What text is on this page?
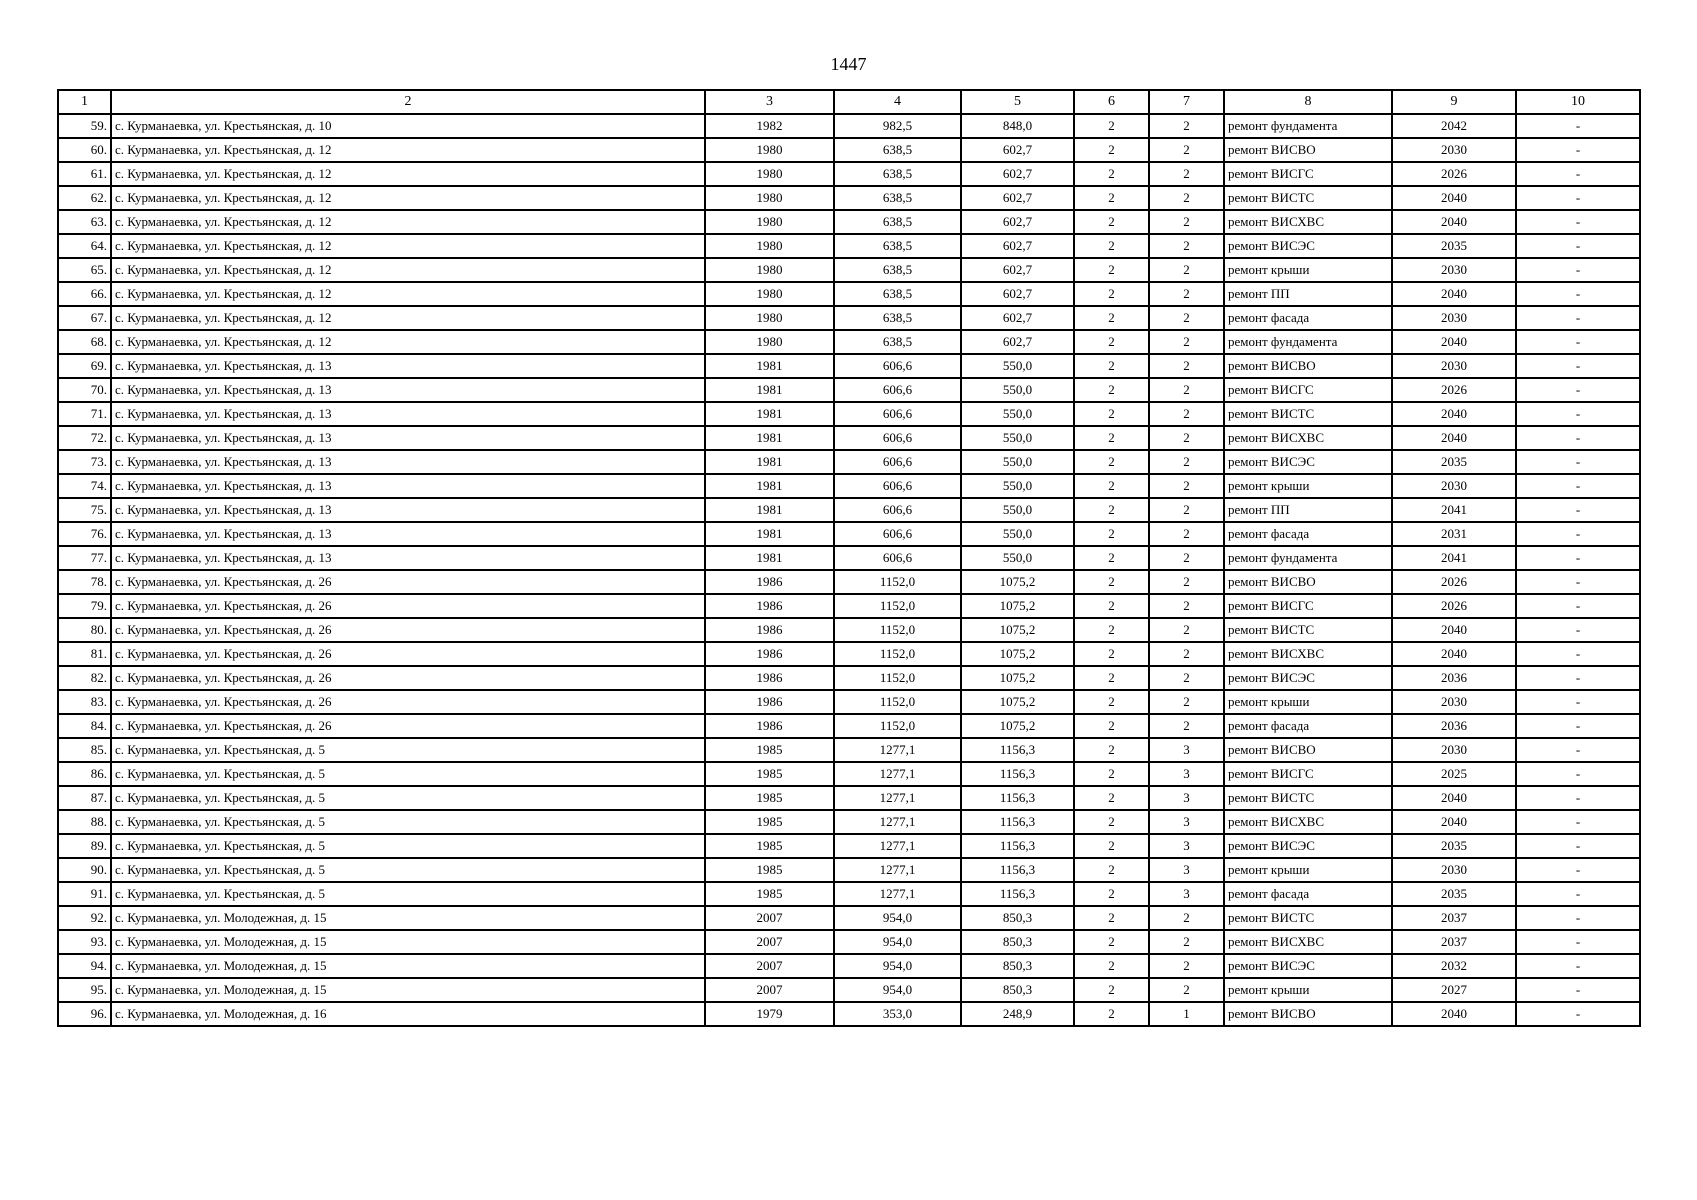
1447
1	2	3	4	5	6	7	8	9	10
59.	с. Курманаевка, ул. Крестьянская, д. 10	1982	982,5	848,0	2	2	ремонт фундамента	2042	-
60.	с. Курманаевка, ул. Крестьянская, д. 12	1980	638,5	602,7	2	2	ремонт ВИСВО	2030	-
61.	с. Курманаевка, ул. Крестьянская, д. 12	1980	638,5	602,7	2	2	ремонт ВИСГС	2026	-
62.	с. Курманаевка, ул. Крестьянская, д. 12	1980	638,5	602,7	2	2	ремонт ВИСТС	2040	-
63.	с. Курманаевка, ул. Крестьянская, д. 12	1980	638,5	602,7	2	2	ремонт ВИСХВС	2040	-
64.	с. Курманаевка, ул. Крестьянская, д. 12	1980	638,5	602,7	2	2	ремонт ВИСЭС	2035	-
65.	с. Курманаевка, ул. Крестьянская, д. 12	1980	638,5	602,7	2	2	ремонт крыши	2030	-
66.	с. Курманаевка, ул. Крестьянская, д. 12	1980	638,5	602,7	2	2	ремонт ПП	2040	-
67.	с. Курманаевка, ул. Крестьянская, д. 12	1980	638,5	602,7	2	2	ремонт фасада	2030	-
68.	с. Курманаевка, ул. Крестьянская, д. 12	1980	638,5	602,7	2	2	ремонт фундамента	2040	-
69.	с. Курманаевка, ул. Крестьянская, д. 13	1981	606,6	550,0	2	2	ремонт ВИСВО	2030	-
70.	с. Курманаевка, ул. Крестьянская, д. 13	1981	606,6	550,0	2	2	ремонт ВИСГС	2026	-
71.	с. Курманаевка, ул. Крестьянская, д. 13	1981	606,6	550,0	2	2	ремонт ВИСТС	2040	-
72.	с. Курманаевка, ул. Крестьянская, д. 13	1981	606,6	550,0	2	2	ремонт ВИСХВС	2040	-
73.	с. Курманаевка, ул. Крестьянская, д. 13	1981	606,6	550,0	2	2	ремонт ВИСЭС	2035	-
74.	с. Курманаевка, ул. Крестьянская, д. 13	1981	606,6	550,0	2	2	ремонт крыши	2030	-
75.	с. Курманаевка, ул. Крестьянская, д. 13	1981	606,6	550,0	2	2	ремонт ПП	2041	-
76.	с. Курманаевка, ул. Крестьянская, д. 13	1981	606,6	550,0	2	2	ремонт фасада	2031	-
77.	с. Курманаевка, ул. Крестьянская, д. 13	1981	606,6	550,0	2	2	ремонт фундамента	2041	-
78.	с. Курманаевка, ул. Крестьянская, д. 26	1986	1152,0	1075,2	2	2	ремонт ВИСВО	2026	-
79.	с. Курманаевка, ул. Крестьянская, д. 26	1986	1152,0	1075,2	2	2	ремонт ВИСГС	2026	-
80.	с. Курманаевка, ул. Крестьянская, д. 26	1986	1152,0	1075,2	2	2	ремонт ВИСТС	2040	-
81.	с. Курманаевка, ул. Крестьянская, д. 26	1986	1152,0	1075,2	2	2	ремонт ВИСХВС	2040	-
82.	с. Курманаевка, ул. Крестьянская, д. 26	1986	1152,0	1075,2	2	2	ремонт ВИСЭС	2036	-
83.	с. Курманаевка, ул. Крестьянская, д. 26	1986	1152,0	1075,2	2	2	ремонт крыши	2030	-
84.	с. Курманаевка, ул. Крестьянская, д. 26	1986	1152,0	1075,2	2	2	ремонт фасада	2036	-
85.	с. Курманаевка, ул. Крестьянская, д. 5	1985	1277,1	1156,3	2	3	ремонт ВИСВО	2030	-
86.	с. Курманаевка, ул. Крестьянская, д. 5	1985	1277,1	1156,3	2	3	ремонт ВИСГС	2025	-
87.	с. Курманаевка, ул. Крестьянская, д. 5	1985	1277,1	1156,3	2	3	ремонт ВИСТС	2040	-
88.	с. Курманаевка, ул. Крестьянская, д. 5	1985	1277,1	1156,3	2	3	ремонт ВИСХВС	2040	-
89.	с. Курманаевка, ул. Крестьянская, д. 5	1985	1277,1	1156,3	2	3	ремонт ВИСЭС	2035	-
90.	с. Курманаевка, ул. Крестьянская, д. 5	1985	1277,1	1156,3	2	3	ремонт крыши	2030	-
91.	с. Курманаевка, ул. Крестьянская, д. 5	1985	1277,1	1156,3	2	3	ремонт фасада	2035	-
92.	с. Курманаевка, ул. Молодежная, д. 15	2007	954,0	850,3	2	2	ремонт ВИСТС	2037	-
93.	с. Курманаевка, ул. Молодежная, д. 15	2007	954,0	850,3	2	2	ремонт ВИСХВС	2037	-
94.	с. Курманаевка, ул. Молодежная, д. 15	2007	954,0	850,3	2	2	ремонт ВИСЭС	2032	-
95.	с. Курманаевка, ул. Молодежная, д. 15	2007	954,0	850,3	2	2	ремонт крыши	2027	-
96.	с. Курманаевка, ул. Молодежная, д. 16	1979	353,0	248,9	2	1	ремонт ВИСВО	2040	-
